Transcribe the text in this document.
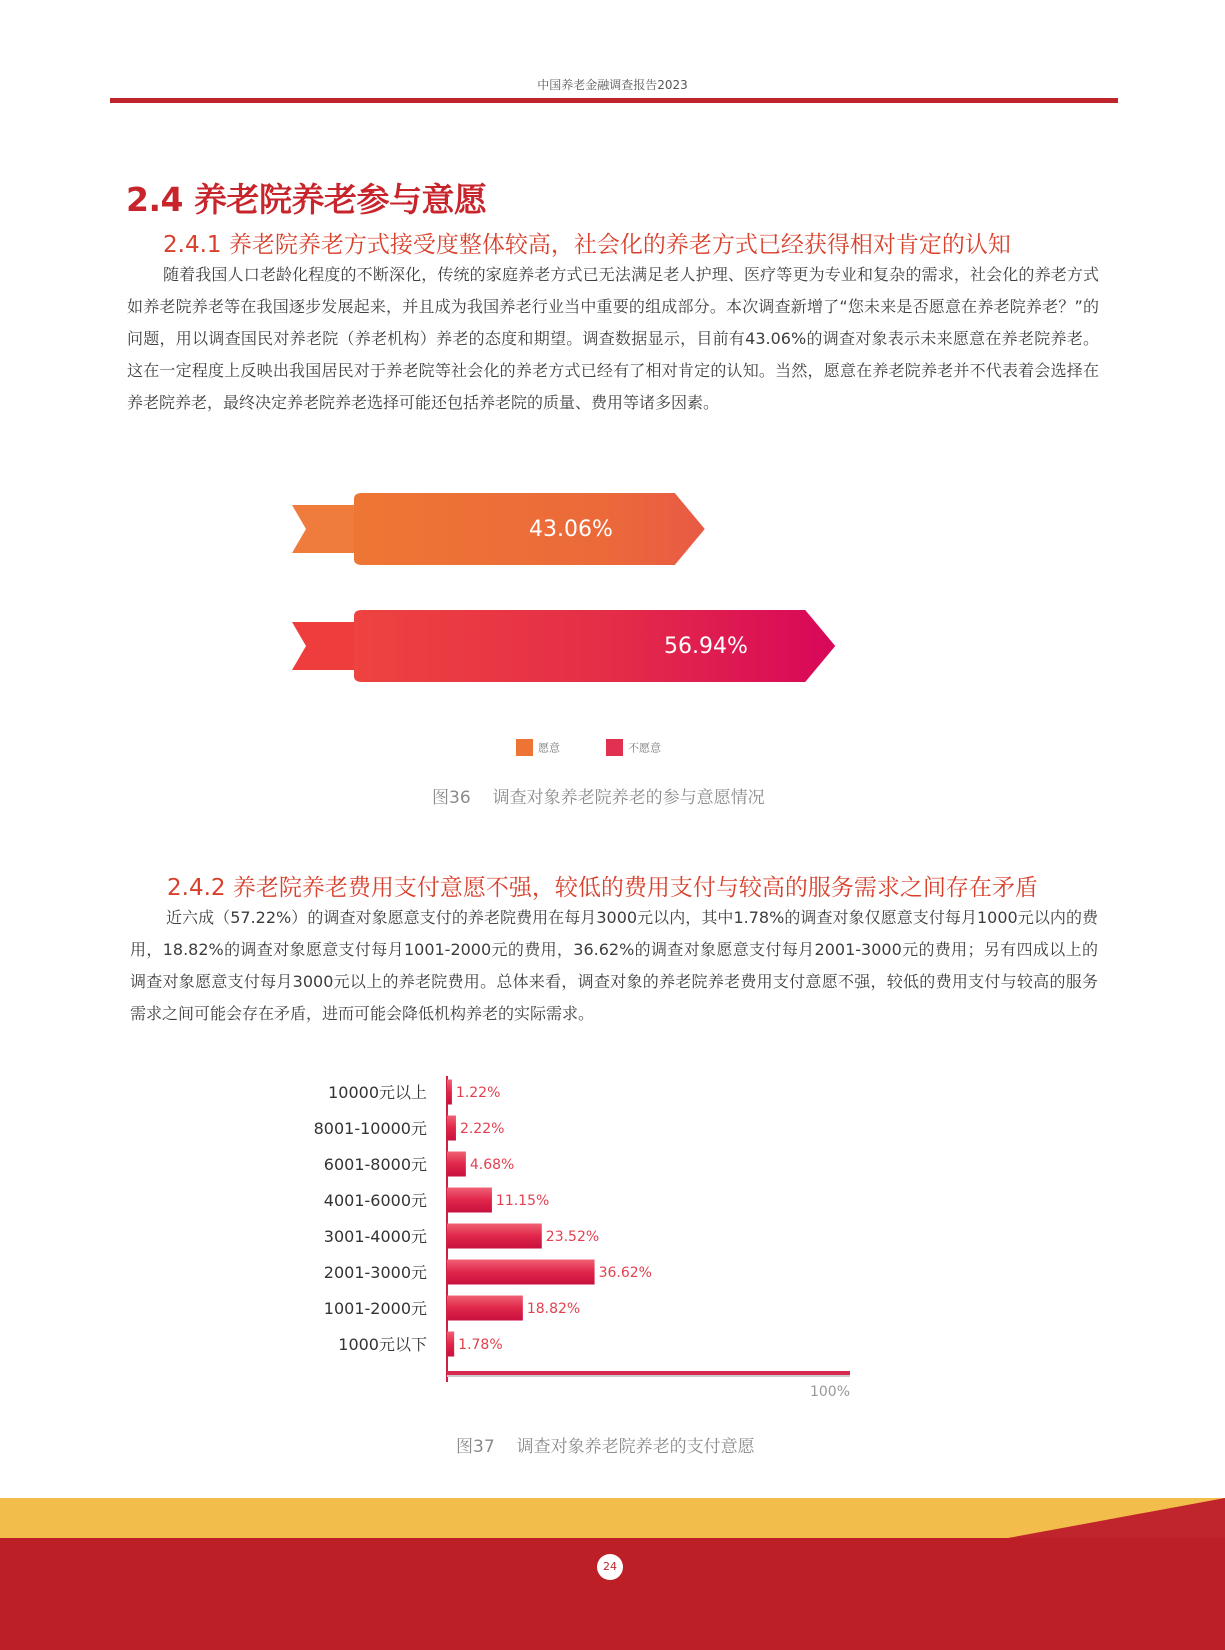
中国养老金融调查报告2023
2.4 养老院养老参与意愿
2.4.1 养老院养老方式接受度整体较高，社会化的养老方式已经获得相对肯定的认知
随着我国人口老龄化程度的不断深化，传统的家庭养老方式已无法满足老人护理、医疗等更为专业和复杂的需求，社会化的养老方式如养老院养老等在我国逐步发展起来，并且成为我国养老行业当中重要的组成部分。本次调查新增了“您未来是否愿意在养老院养老？”的问题，用以调查国民对养老院（养老机构）养老的态度和期望。调查数据显示，目前有43.06%的调查对象表示未来愿意在养老院养老。这在一定程度上反映出我国居民对于养老院等社会化的养老方式已经有了相对肯定的认知。当然，愿意在养老院养老并不代表着会选择在养老院养老，最终决定养老院养老选择可能还包括养老院的质量、费用等诸多因素。
43.06%
56.94%
愿意	不愿意
图36 调查对象养老院养老的参与意愿情况
2.4.2 养老院养老费用支付意愿不强，较低的费用支付与较高的服务需求之间存在矛盾
近六成（57.22%）的调查对象愿意支付的养老院费用在每月3000元以内，其中1.78%的调查对象仅愿意支付每月1000元以内的费用，18.82%的调查对象愿意支付每月1001-2000元的费用，36.62%的调查对象愿意支付每月2001-3000元的费用；另有四成以上的调查对象愿意支付每月3000元以上的养老院费用。总体来看，调查对象的养老院养老费用支付意愿不强，较低的费用支付与较高的服务需求之间可能会存在矛盾，进而可能会降低机构养老的实际需求。
100%
10000元以上 1.22%
8001-10000元 2.22%
6001-8000元	4.68%
4001-6000元	11.15%
3001-4000元	23.52%
2001-3000元	36.62%
1001-2000元	18.82%
1000元以下 1.78%
图37 调查对象养老院养老的支付意愿
24
